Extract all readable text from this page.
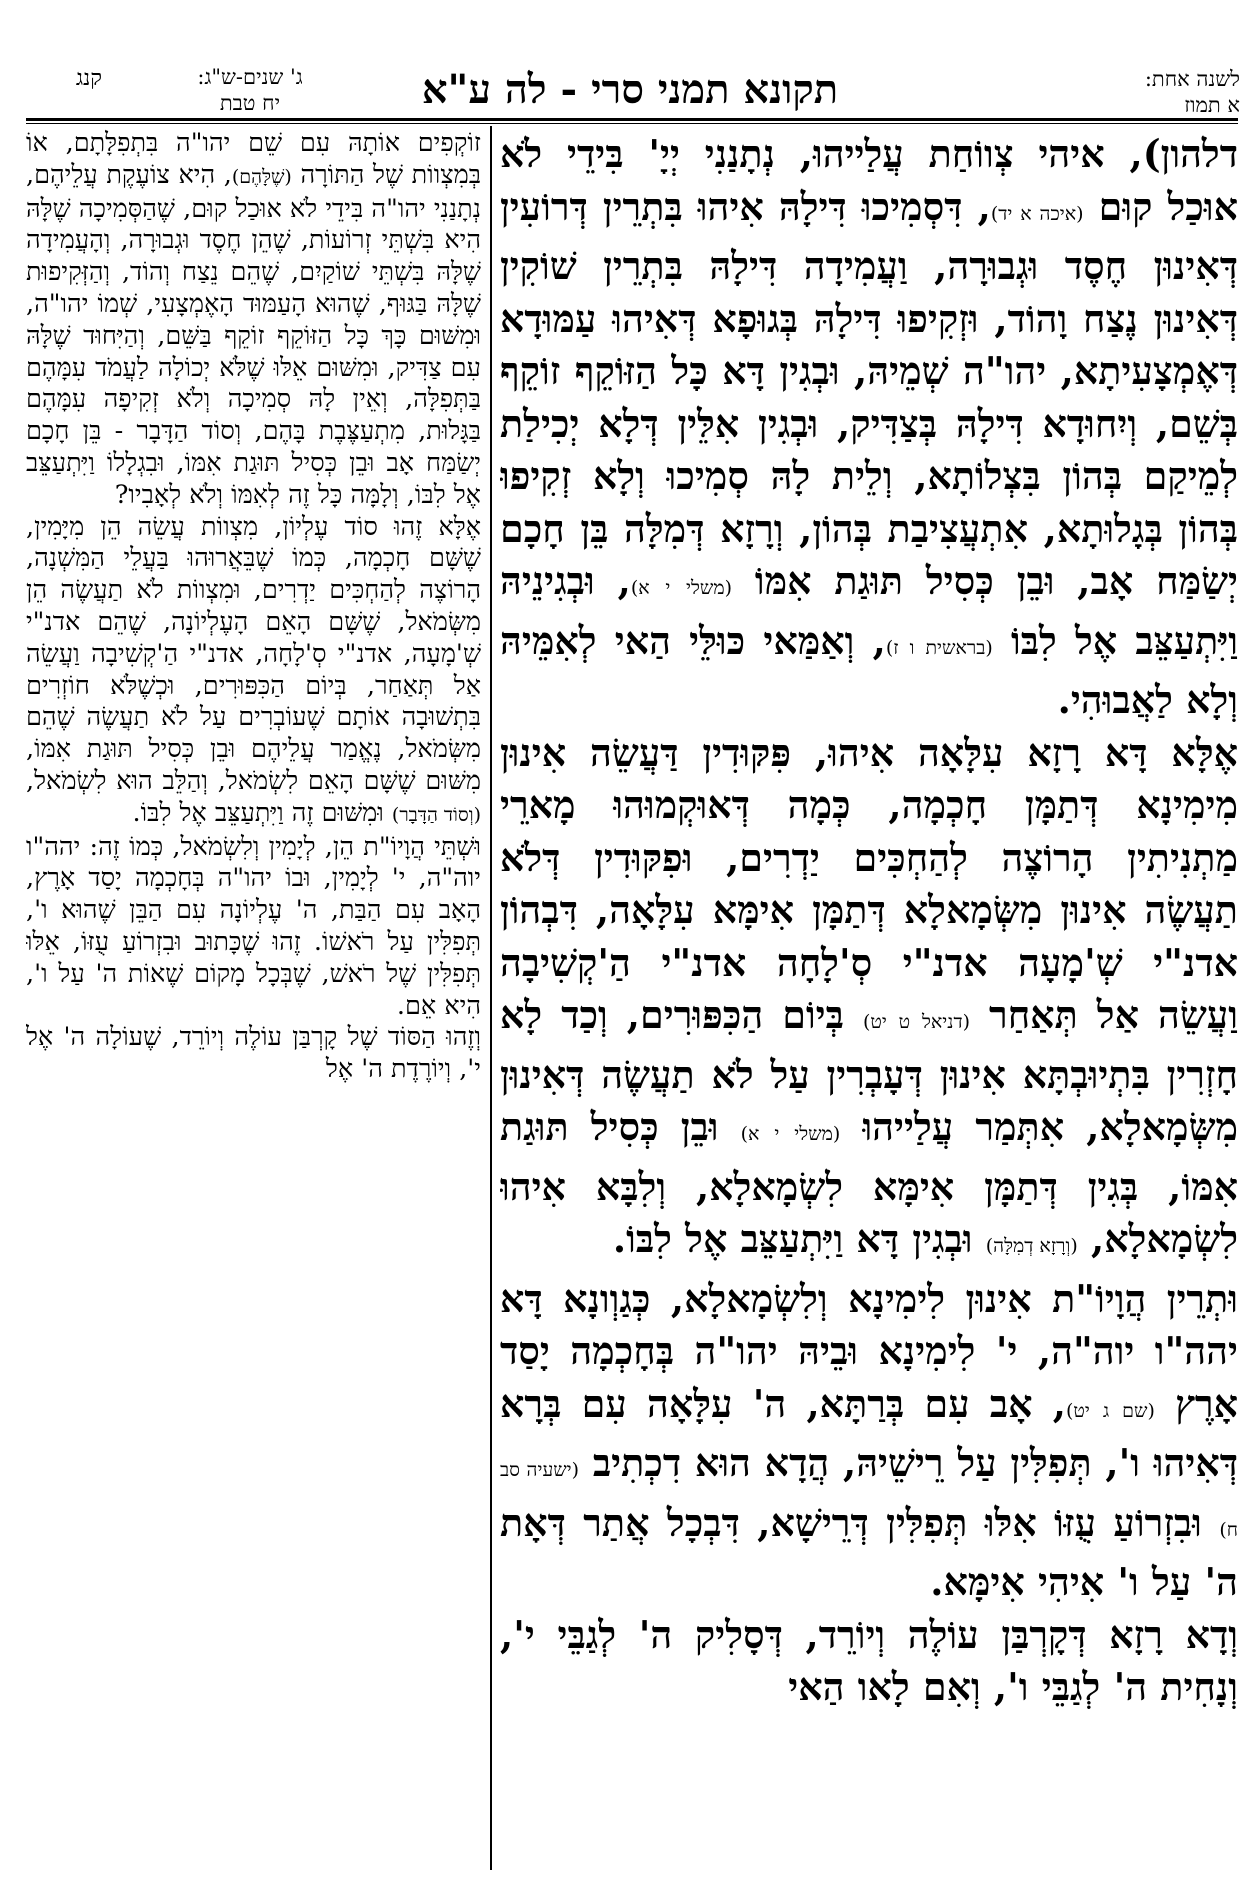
קנג	ג' שנים-ש"ג:
יח טבת	תקונא תמני סרי - לה ע"א	לשנה אחת:
א תמוז

דלהון), איהי צְווֹחַת עֲלַייהוּ, נְתָנַנִי יְיָ' בִּידֵי לֹא אוּכַל קוּם (איכה א יד), דִּסְמִיכוּ דִּילָהּ אִיהוּ בִּתְרֵין דְּרוֹעִין דְּאִינוּן חֶסֶד וּגְבוּרָה, וַעֲמִידָה דִּילָהּ בִּתְרֵין שׁוֹקִין דְּאִינוּן נֶצַח וָהוֹד, וּזְקִיפוּ דִּילָהּ בְּגוּפָא דְּאִיהוּ עַמּוּדָא דְּאֶמְצָעִיתָא, יהו"ה שְׁמֵיהּ, וּבְגִין דָּא כָּל הַזּוֹקֵף זוֹקֵף בְּשֵׁם, וְיִחוּדָא דִּילָהּ בְּצַדִּיק, וּבְגִין אִלֵּין דְּלָא יְכִילַת לְמֵיקַם בְּהוֹן בִּצְלוֹתָא, וְלֵית לָהּ סְמִיכוּ וְלָא זְקִיפוּ בְּהוֹן בְּגָלוּתָא, אִתְעֲצִיבַת בְּהוֹן, וְרָזָא דְּמִלָּה בֵּן חָכָם יְשַׂמַּח אָב, וּבֵן כְּסִיל תּוּגַת אִמּוֹ (משלי י א), וּבְגִינֵיהּ וַיִּתְעַצֵּב אֶל לִבּוֹ (בראשית ו ז), וְאַמַּאי כּוּלֵּי הַאי לְאִמֵּיהּ וְלָא לַאֲבוּהִי.

אֶלָּא דָּא רָזָא עִלָּאָה אִיהוּ, פִּקּוּדִין דַּעֲשֵׂה אִינוּן מִימִינָא דְּתַמָּן חָכְמָה, כְּמָה דְּאוּקְמוּהוּ מָארֵי מַתְנִיתִין הָרוֹצֶה לְהַחְכִּים יַדְרִים, וּפִקּוּדִין דְּלֹא תַעֲשֶׂה אִינוּן מִשְּׂמָאלָא דְּתַמָּן אִימָּא עִלָּאָה, דִּבְהוֹן אדנ"י שְׁ'מָעָה אדנ"י סְ'לָחָה אדנ"י הַ'קְשִׁיבָה וַעֲשֵׂה אַל תְּאַחַר (דניאל ט יט) בְּיוֹם הַכִּפּוּרִים, וְכַד לָא חָזְרִין בִּתְיוּבְתָּא אִינוּן דְּעָבְרִין עַל לֹא תַעֲשֶׂה דְּאִינוּן מִשְּׂמָאלָא, אִתְּמַר עֲלַייהוּ (משלי י א) וּבֵן כְּסִיל תּוּגַת אִמּוֹ, בְּגִין דְּתַמָּן אִימָּא לִשְׂמָאלָא, וְלִבָּא אִיהוּ לִשְׂמָאלָא, (וְרָזָא דְמִלָּה) וּבְגִין דָּא וַיִּתְעַצֵּב אֶל לִבּוֹ.

וּתְרֵין הֲוָיוֹ"ת אִינוּן לִימִינָא וְלִשְׂמָאלָא, כְּגַוְונָא דָּא יהה"ו יוה"ה, י' לִימִינָא וּבֵיהּ יהו"ה בְּחָכְמָה יָסַד אָרֶץ (שם ג יט), אָב עִם בְּרַתָּא, ה' עִלָּאָה עִם בְּרָא דְּאִיהוּ ו', תְּפִלִּין עַל רֵישֵׁיהּ, הֲדָא הוּא דִכְתִיב (ישעיה סב ח) וּבִזְרוֹעַ עֻזּוֹ אִלּוּ תְּפִלִּין דְּרֵישָׁא, דִּבְכָל אֲתַר דְּאָת ה' עַל ו' אִיהִי אִימָּא.

וְדָא רָזָא דְּקָרְבַּן עוֹלֶה וְיוֹרֵד, דְּסָלִיק ה' לְגַבֵּי י', וְנָחִית ה' לְגַבֵּי ו', וְאִם לָאו הַאי

זוֹקְפִים אוֹתָהּ עִם שֵׁם יהו"ה בִּתְפִלָּתָם, אוֹ בְּמִצְווֹת שֶׁל הַתּוֹרָה (שֶׁלָּהֶם), הִיא צוֹעֶקֶת עֲלֵיהֶם, נְתָנַנִי יהו"ה בִּידֵי לֹא אוּכַל קוּם, שֶׁהַסְּמִיכָה שֶׁלָּהּ הִיא בִּשְׁתֵּי זְרוֹעוֹת, שֶׁהֵן חֶסֶד וּגְבוּרָה, וְהָעֲמִידָה שֶׁלָּהּ בִּשְׁתֵּי שׁוֹקַיִם, שֶׁהֵם נֵצַח וְהוֹד, וְהַזְּקִיפוּת שֶׁלָּהּ בַּגּוּף, שֶׁהוּא הָעַמּוּד הָאֶמְצָעִי, שְׁמוֹ יהו"ה, וּמִשּׁוּם כָּךְ כָּל הַזּוֹקֵף זוֹקֵף בַּשֵּׁם, וְהַיִּחוּד שֶׁלָּהּ עִם צַדִּיק, וּמִשּׁוּם אֵלּוּ שֶׁלֹּא יְכוֹלָה לַעֲמֹד עִמָּהֶם בַּתְּפִלָּה, וְאֵין לָהּ סְמִיכָה וְלֹא זְקִיפָה עִמָּהֶם בַּגָּלוּת, מִתְעַצֶּבֶת בָּהֶם, וְסוֹד הַדָּבָר - בֵּן חָכָם יְשַׂמַּח אָב וּבֵן כְּסִיל תּוּגַת אִמּוֹ, וּבִגְלָלוֹ וַיִּתְעַצֵּב אֶל לִבּוֹ, וְלָמָּה כָּל זֶה לְאִמּוֹ וְלֹא לְאָבִיו?

אֶלָּא זֶהוּ סוֹד עֶלְיוֹן, מִצְווֹת עֲשֵׂה הֵן מִיָּמִין, שֶׁשָּׁם חָכְמָה, כְּמוֹ שֶׁבֵּאֲרוּהוּ בַּעֲלֵי הַמִּשְׁנָה, הָרוֹצֶה לְהַחְכִּים יַדְרִים, וּמִצְווֹת לֹא תַעֲשֶׂה הֵן מִשְּׂמֹאל, שֶׁשָּׁם הָאֵם הָעֶלְיוֹנָה, שֶׁהֵם אדנ"י שְׁ'מָעָה, אדנ"י סְ'לָחָה, אדנ"י הַ'קְשִׁיבָה וַעֲשֵׂה אַל תְּאַחַר, בְּיוֹם הַכִּפּוּרִים, וּכְשֶׁלֹּא חוֹזְרִים בִּתְשׁוּבָה אוֹתָם שֶׁעוֹבְרִים עַל לֹא תַעֲשֶׂה שֶׁהֵם מִשְּׂמֹאל, נֶאֱמַר עֲלֵיהֶם וּבֵן כְּסִיל תּוּגַת אִמּוֹ, מִשּׁוּם שֶׁשָּׁם הָאֵם לִשְׂמֹאל, וְהַלֵּב הוּא לִשְׂמֹאל, (וְסוֹד הַדָּבָר) וּמִשּׁוּם זֶה וַיִּתְעַצֵּב אֶל לִבּוֹ.

וּשְׁתֵּי הֲוָיוֹ"ת הֵן, לְיָמִין וְלִשְׂמֹאל, כְּמוֹ זֶה: יהה"ו יוה"ה, י' לְיָמִין, וּבוֹ יהו"ה בְּחָכְמָה יָסַד אָרֶץ, הָאָב עִם הַבַּת, ה' עֶלְיוֹנָה עִם הַבֵּן שֶׁהוּא ו', תְּפִלִּין עַל רֹאשׁוֹ. זֶהוּ שֶׁכָּתוּב וּבִזְרוֹעַ עֻזּוֹ, אֵלּוּ תְּפִלִּין שֶׁל רֹאשׁ, שֶׁבְּכָל מָקוֹם שֶׁאוֹת ה' עַל ו', הִיא אֵם.

וְזֶהוּ הַסּוֹד שֶׁל קָרְבַּן עוֹלֶה וְיוֹרֵד, שֶׁעוֹלָה ה' אֶל י', וְיוֹרֶדֶת ה' אֶל
